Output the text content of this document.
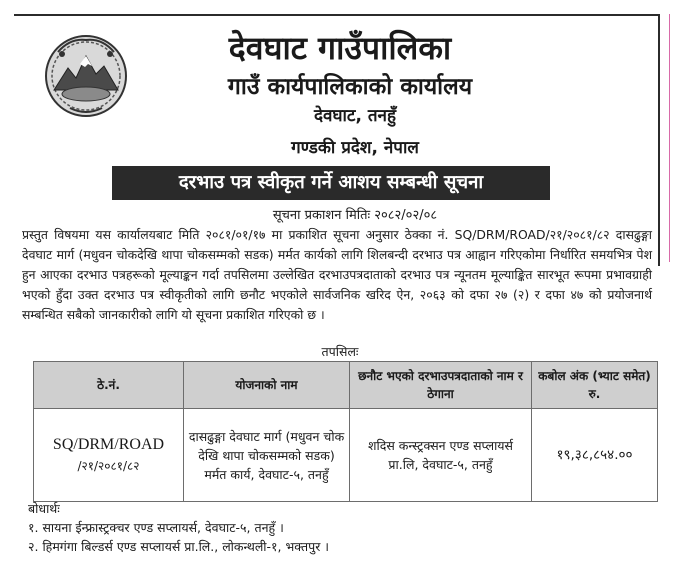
देवघाट गाउँपालिका
गाउँ कार्यपालिकाको कार्यालय
देवघाट, तनहुँ
गण्डकी प्रदेश, नेपाल
दरभाउ पत्र स्वीकृत गर्ने आशय सम्बन्धी सूचना
सूचना प्रकाशन मितिः २०८२/०२/०८
प्रस्तुत विषयमा यस कार्यालयबाट मिति २०८१/०१/१७ मा प्रकाशित सूचना अनुसार ठेक्का नं. SQ/DRM/ROAD/२१/२०८१/८२ दासढुङ्गा देवघाट मार्ग (मधुवन चोकदेखि थापा चोकसम्मको सडक) मर्मत कार्यको लागि शिलबन्दी दरभाउ पत्र आह्वान गरिएकोमा निर्धारित समयभित्र पेश हुन आएका दरभाउ पत्रहरूको मूल्याङ्कन गर्दा तपसिलमा उल्लेखित दरभाउपत्रदाताको दरभाउ पत्र न्यूनतम मूल्याङ्कित सारभूत रूपमा प्रभावग्राही भएको हुँदा उक्त दरभाउ पत्र स्वीकृतीको लागि छनौट भएकोले सार्वजनिक खरिद ऐन, २०६३ को दफा २७ (२) र दफा ४७ को प्रयोजनार्थ सम्बन्धित सबैको जानकारीको लागि यो सूचना प्रकाशित गरिएको छ ।
तपसिलः
ठे.नं.	योजनाको नाम	छनौट भएको दरभाउपत्रदाताको नाम र ठेगाना	कबोल अंक (भ्याट समेत) रु.

SQ/DRM/ROAD
/२१/२०८१/८२	दासढुङ्गा देवघाट मार्ग (मधुवन चोक देखि थापा चोकसम्मको सडक) मर्मत कार्य, देवघाट-५, तनहुँ	शदिस कन्स्ट्रक्सन एण्ड सप्लायर्स प्रा.लि, देवघाट-५, तनहुँ	१९,३८,८५४.००
बोधार्थः
१. सायना ईन्फ्रास्ट्रक्चर एण्ड सप्लायर्स, देवघाट-५, तनहुँ ।
२. हिमगंगा बिल्डर्स एण्ड सप्लायर्स प्रा.लि., लोकन्थली-१, भक्तपुर ।
